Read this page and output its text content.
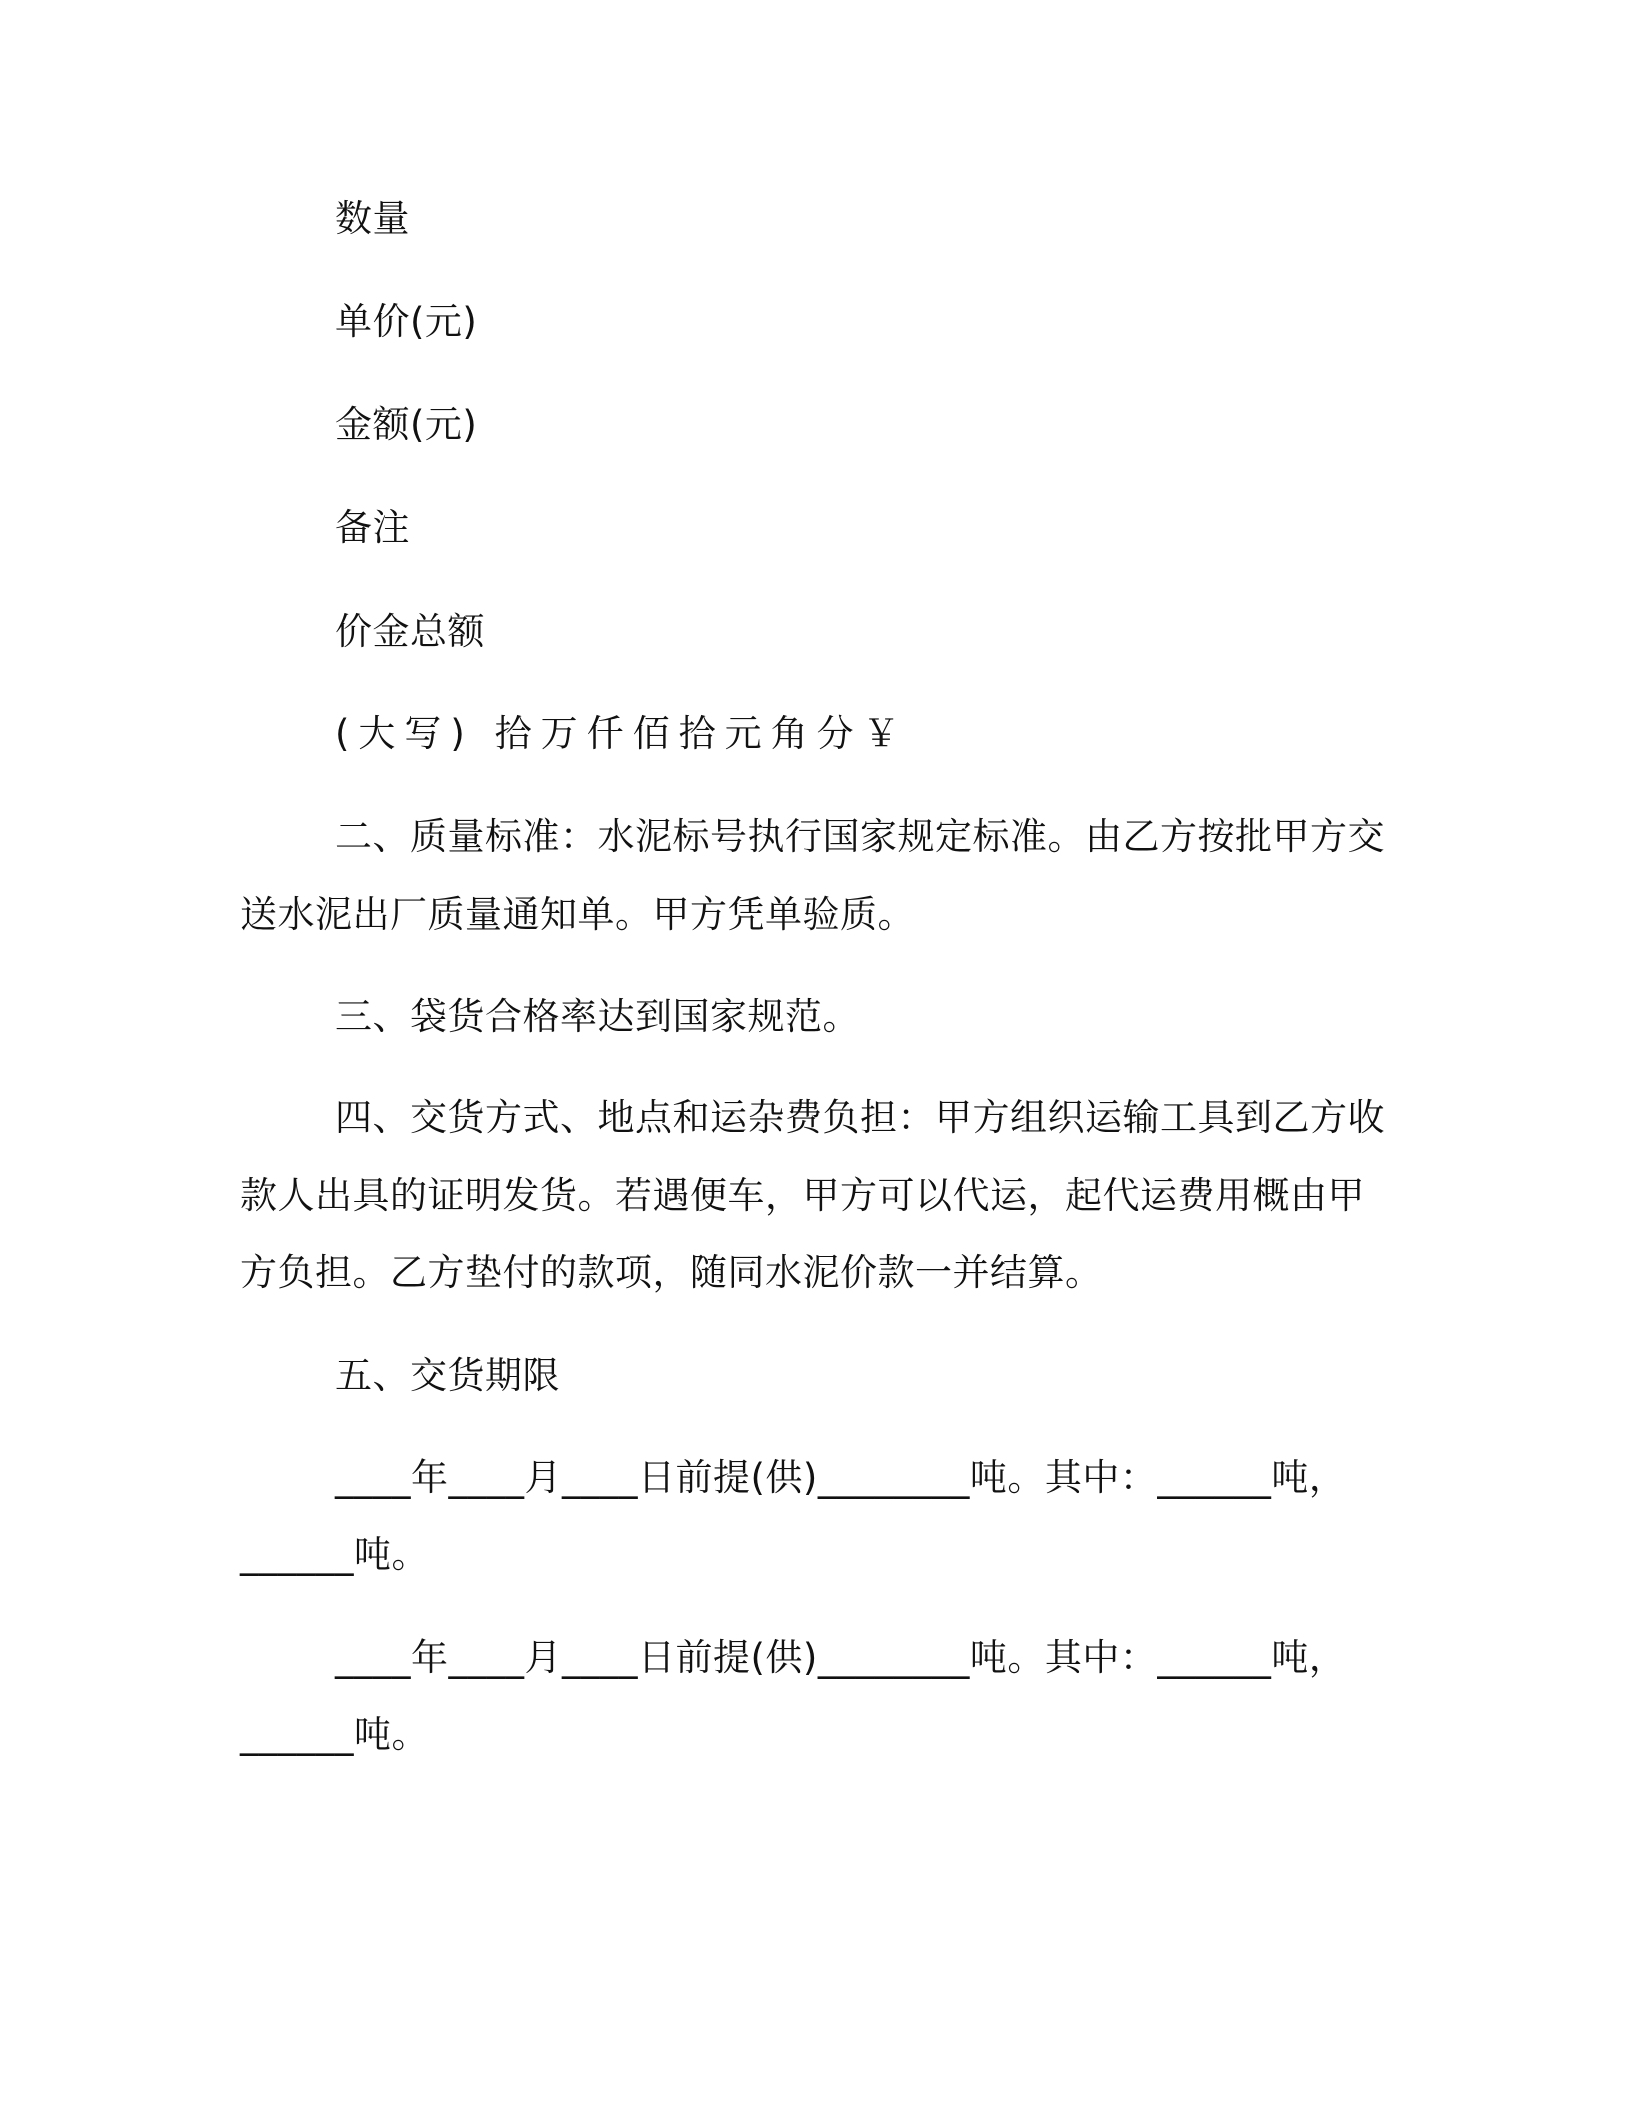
数量
单价(元)
金额(元)
备注
价金总额
(大写) 拾万仟佰拾元角分￥
二、质量标准：水泥标号执行国家规定标准。由乙方按批甲方交
送水泥出厂质量通知单。甲方凭单验质。
三、袋货合格率达到国家规范。
四、交货方式、地点和运杂费负担：甲方组织运输工具到乙方收
款人出具的证明发货。若遇便车，甲方可以代运，起代运费用概由甲
方负担。乙方垫付的款项，随同水泥价款一并结算。
五、交货期限
____年____月____日前提(供)________吨。其中：______吨，
______吨。
____年____月____日前提(供)________吨。其中：______吨，
______吨。
